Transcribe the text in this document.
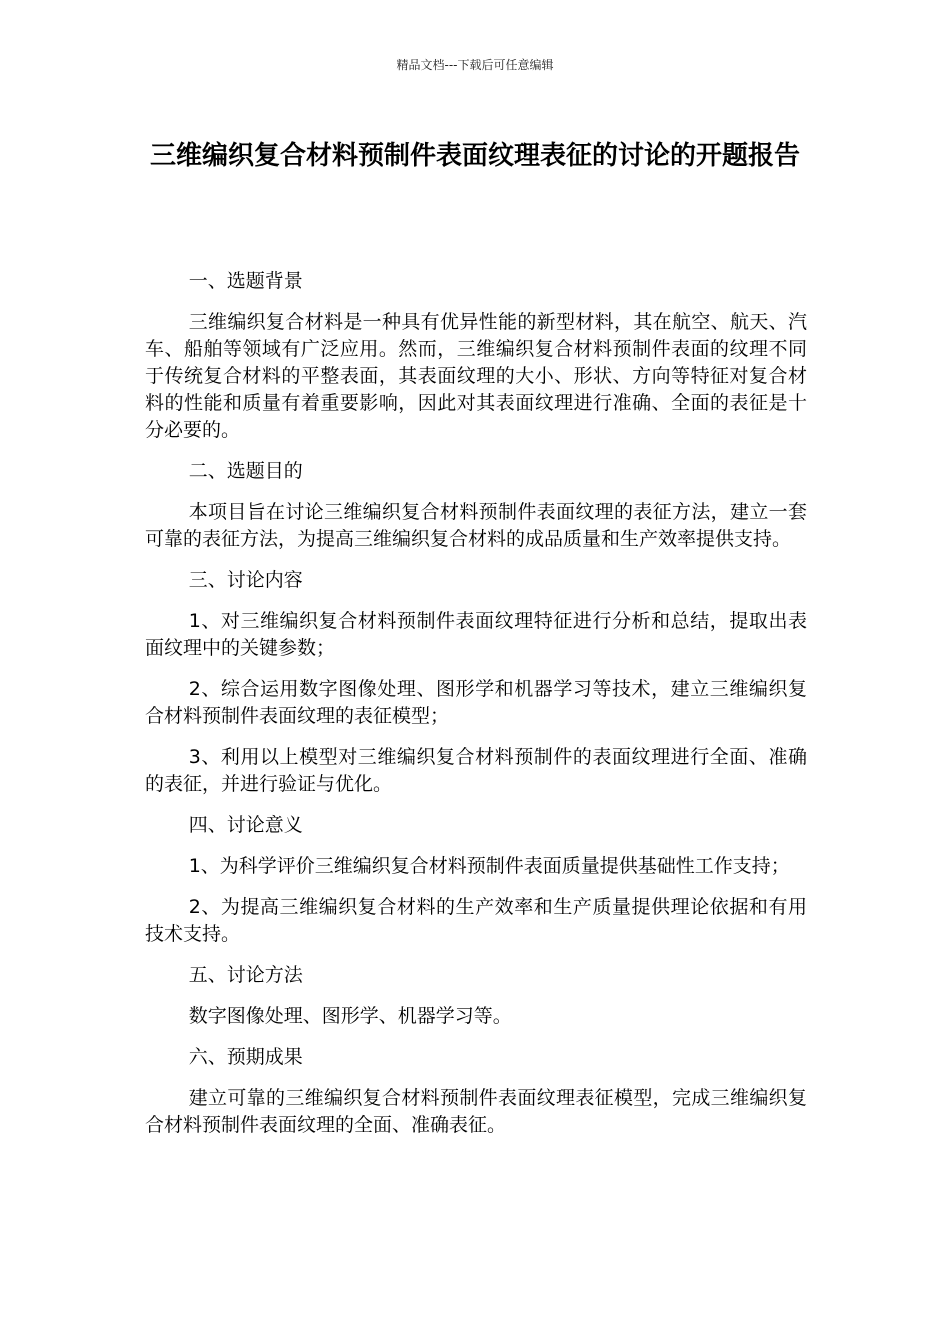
精品文档---下载后可任意编辑
三维编织复合材料预制件表面纹理表征的讨论的开题报告

一、选题背景

三维编织复合材料是一种具有优异性能的新型材料，其在航空、航天、汽车、船舶等领域有广泛应用。然而，三维编织复合材料预制件表面的纹理不同于传统复合材料的平整表面，其表面纹理的大小、形状、方向等特征对复合材料的性能和质量有着重要影响，因此对其表面纹理进行准确、全面的表征是十分必要的。

二、选题目的

本项目旨在讨论三维编织复合材料预制件表面纹理的表征方法，建立一套可靠的表征方法，为提高三维编织复合材料的成品质量和生产效率提供支持。

三、讨论内容

1、对三维编织复合材料预制件表面纹理特征进行分析和总结，提取出表面纹理中的关键参数；

2、综合运用数字图像处理、图形学和机器学习等技术，建立三维编织复合材料预制件表面纹理的表征模型；

3、利用以上模型对三维编织复合材料预制件的表面纹理进行全面、准确的表征，并进行验证与优化。

四、讨论意义

1、为科学评价三维编织复合材料预制件表面质量提供基础性工作支持；

2、为提高三维编织复合材料的生产效率和生产质量提供理论依据和有用技术支持。

五、讨论方法

数字图像处理、图形学、机器学习等。

六、预期成果

建立可靠的三维编织复合材料预制件表面纹理表征模型，完成三维编织复合材料预制件表面纹理的全面、准确表征。
